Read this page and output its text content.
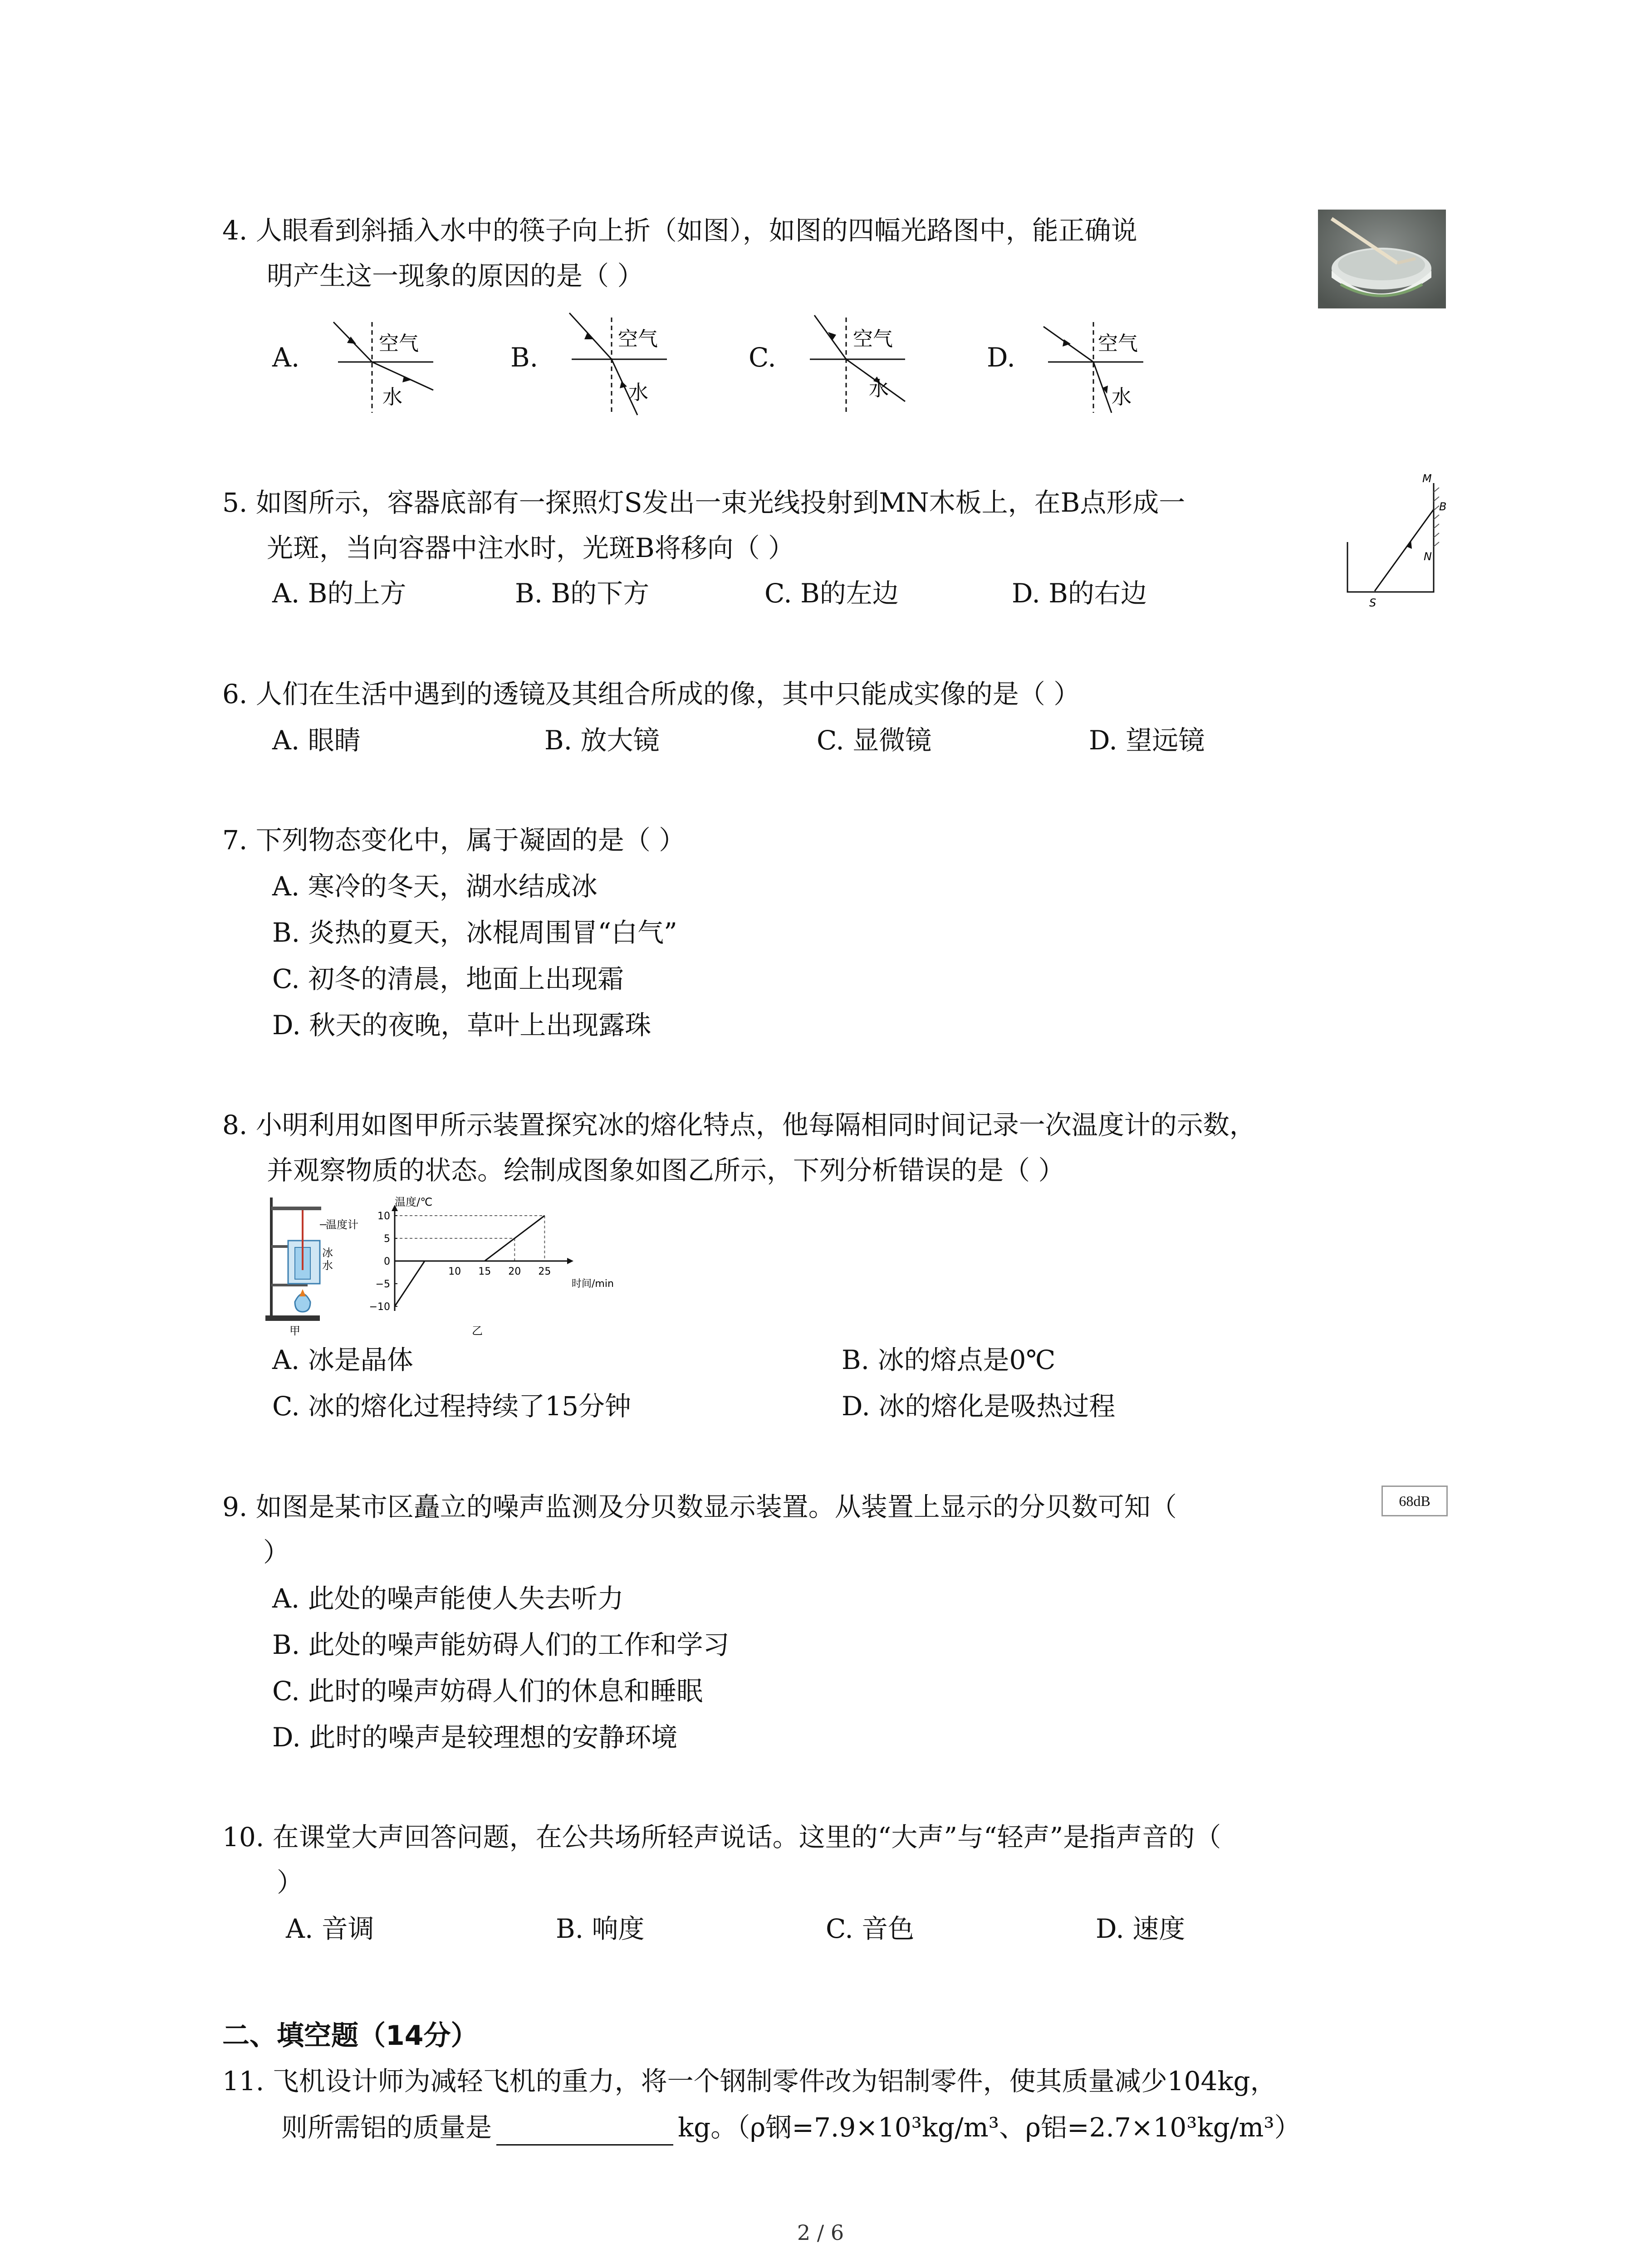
4. 人眼看到斜插入水中的筷子向上折（如图），如图的四幅光路图中，能正确说
明产生这一现象的原因的是（ ）
A.	B.	C.	D.
空气
水
空气
水
空气
水
空气
水
5. 如图所示，容器底部有一探照灯S发出一束光线投射到MN木板上，在B点形成一
光斑，当向容器中注水时，光斑B将移向（ ）
A. B的上方	B. B的下方	C. B的左边	D. B的右边
M
B
N
S
6. 人们在生活中遇到的透镜及其组合所成的像，其中只能成实像的是（ ）
A. 眼睛	B. 放大镜	C. 显微镜	D. 望远镜
7. 下列物态变化中，属于凝固的是（ ）
A. 寒冷的冬天，湖水结成冰
B. 炎热的夏天，冰棍周围冒“白气”
C. 初冬的清晨，地面上出现霜
D. 秋天的夜晚，草叶上出现露珠
8. 小明利用如图甲所示装置探究冰的熔化特点，他每隔相同时间记录一次温度计的示数，
并观察物质的状态。绘制成图象如图乙所示，下列分析错误的是（ ）
温度计
冰
水
甲
10
5
0
−5
−10
10 15 20 25
温度/℃
时间/min
乙
A. 冰是晶体	B. 冰的熔点是0℃
C. 冰的熔化过程持续了15分钟	D. 冰的熔化是吸热过程
9. 如图是某市区矗立的噪声监测及分贝数显示装置。从装置上显示的分贝数可知（
）
68dB
A. 此处的噪声能使人失去听力
B. 此处的噪声能妨碍人们的工作和学习
C. 此时的噪声妨碍人们的休息和睡眠
D. 此时的噪声是较理想的安静环境
10. 在课堂大声回答问题，在公共场所轻声说话。这里的“大声”与“轻声”是指声音的（
）
A. 音调	B. 响度	C. 音色	D. 速度
二、填空题（14分）
11. 飞机设计师为减轻飞机的重力，将一个钢制零件改为铝制零件，使其质量减少104kg，
则所需铝的质量是	kg。（ρ钢=7.9×10³kg/m³、ρ铝=2.7×10³kg/m³）
2 / 6
